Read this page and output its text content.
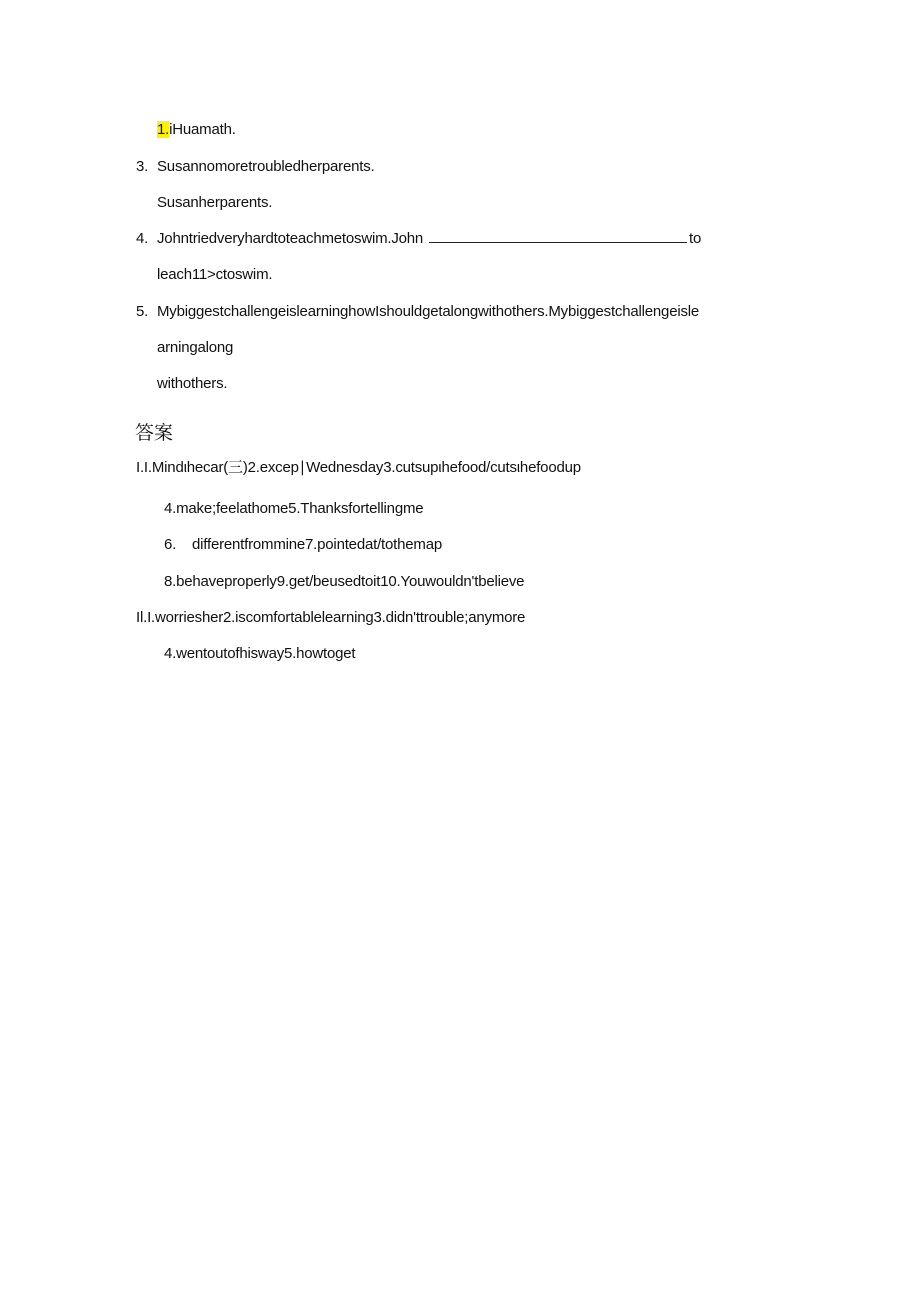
1.iHuamath.
3. Susannomoretroubledherparents.
Susanherparents.
4. Johntriedveryhardtoteachmetoswim.John	to
leach11>ctoswim.
5. MybiggestchallengeislearninghowIshouldgetalongwithothers.Mybiggestchallengeisle
arningalong
withothers.
答案
I.I.Mindιhecar(三)2.excep∣Wednesday3.cutsupιhefood/cutsιhefoodup
4.make;feelathome5.Thanksfortellingme
6. differentfrommine7.pointedat/tothemap
8.behaveproperly9.get/beusedtoit10.Youwouldn'tbelieve
Il.I.worriesher2.iscomfortablelearning3.didn'ttrouble;anymore
4.wentoutofhisway5.howtoget
